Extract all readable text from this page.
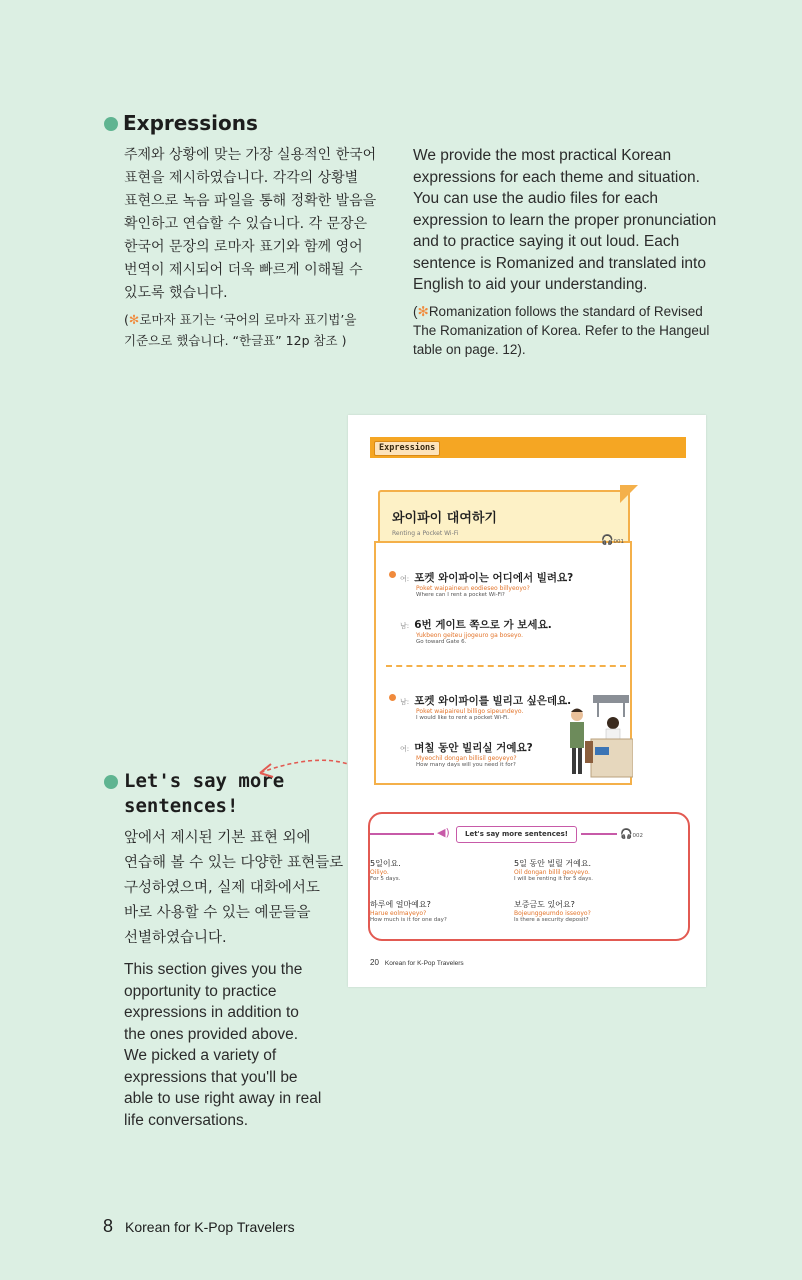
Expressions
주제와 상황에 맞는 가장 실용적인 한국어
표현을 제시하였습니다. 각각의 상황별
표현으로 녹음 파일을 통해 정확한 발음을
확인하고 연습할 수 있습니다. 각 문장은
한국어 문장의 로마자 표기와 함께 영어
번역이 제시되어 더욱 빠르게 이해될 수
있도록 했습니다.
(✻로마자 표기는 ‘국어의 로마자 표기법’을
기준으로 했습니다. “한글표” 12p 참조 )
We provide the most practical Korean
expressions for each theme and situation.
You can use the audio files for each
expression to learn the proper pronunciation
and to practice saying it out loud. Each
sentence is Romanized and translated into
English to aid your understanding.
(✻Romanization follows the standard of Revised
The Romanization of Korea. Refer to the Hangeul
table on page. 12).
Let's say more
sentences!
앞에서 제시된 기본 표현 외에
연습해 볼 수 있는 다양한 표현들로
구성하였으며, 실제 대화에서도
바로 사용할 수 있는 예문들을
선별하였습니다.
This section gives you the
opportunity to practice
expressions in addition to
the ones provided above.
We picked a variety of
expressions that you'll be
able to use right away in real
life conversations.
Expressions
와이파이 대여하기
Renting a Pocket Wi-Fi
🎧001
여: 포켓 와이파이는 어디에서 빌려요?
Poket waipaineun eodieseo billyeoyo?
Where can I rent a pocket Wi-Fi?
남: 6번 게이트 쪽으로 가 보세요.
Yukbeon geiteu jjogeuro ga boseyo.
Go toward Gate 6.
남: 포켓 와이파이를 빌리고 싶은데요.
Poket waipaireul billigo sipeundeyo.
I would like to rent a pocket Wi-Fi.
여: 며칠 동안 빌리실 거예요?
Myeochil dongan billisil geoyeyo?
How many days will you need it for?
◀)	Let's say more sentences!	🎧002
5일이요.
Oiliyo.
For 5 days.
5일 동안 빌릴 거예요.
Oil dongan billil geoyeyo.
I will be renting it for 5 days.
하루에 얼마예요?
Harue eolmayeyo?
How much is it for one day?
보증금도 있어요?
Bojeunggeumdo isseoyo?
Is there a security deposit?
20 Korean for K-Pop Travelers
8 Korean for K-Pop Travelers
